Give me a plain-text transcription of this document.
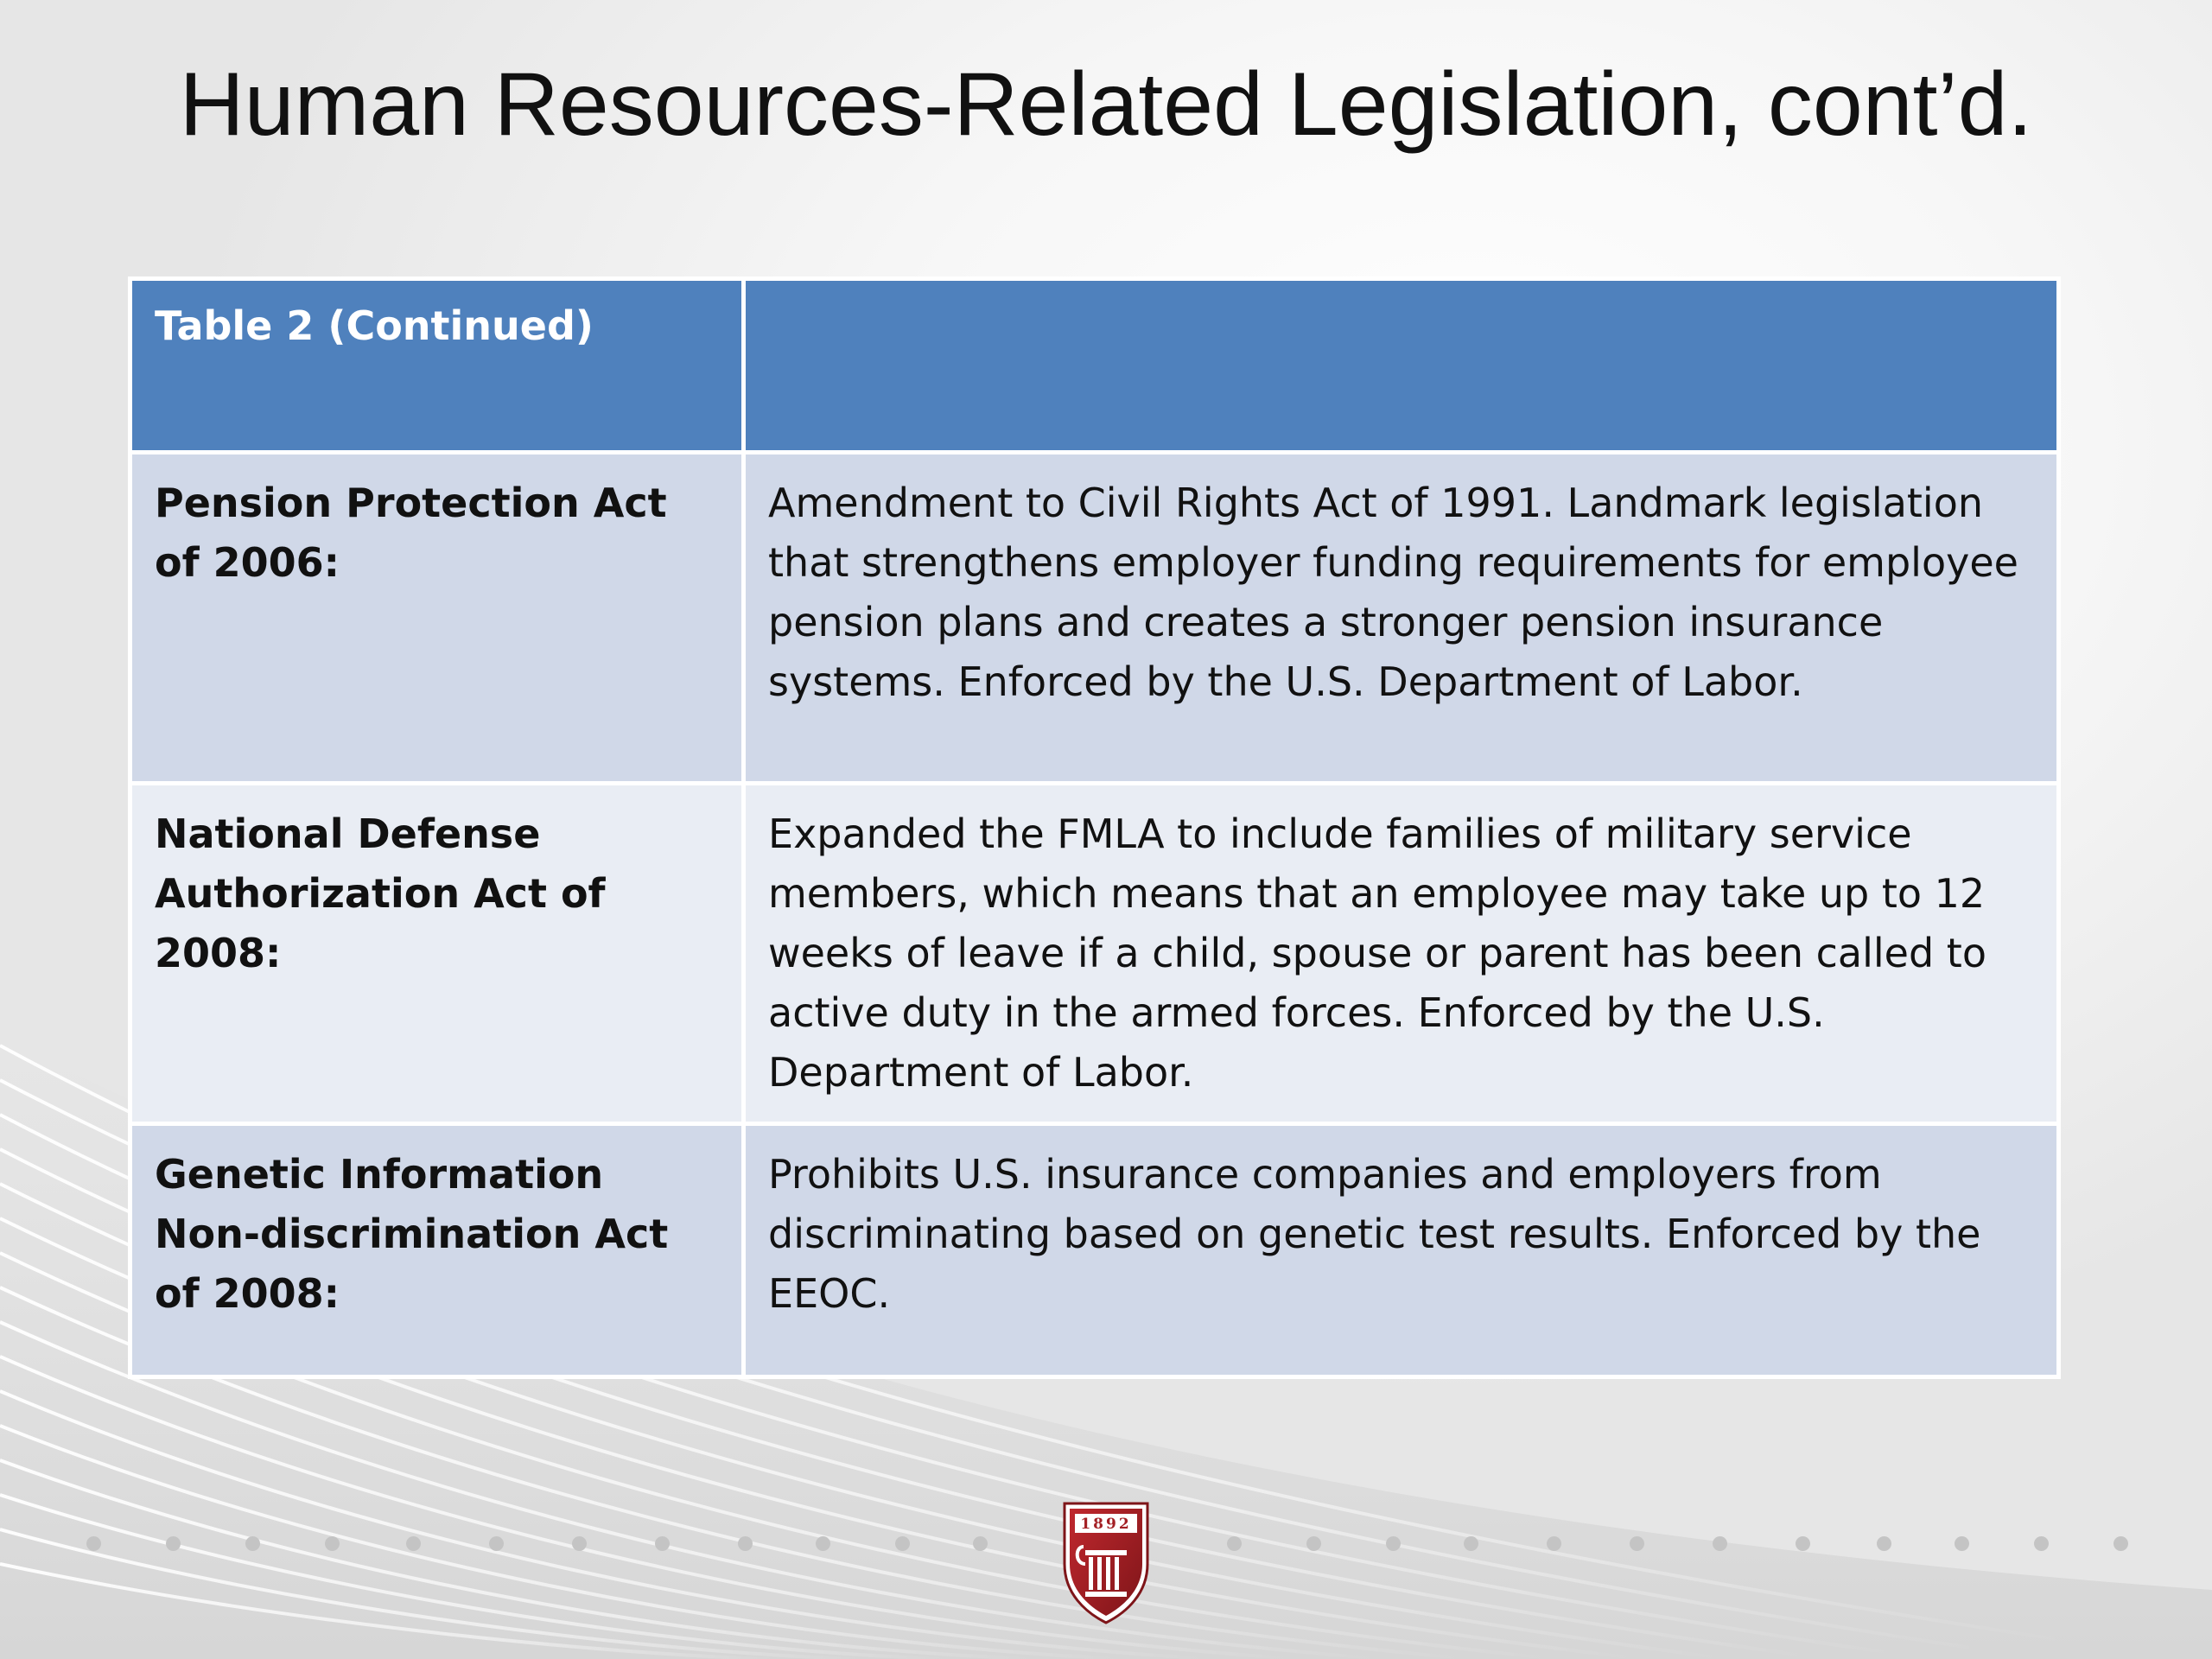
Human Resources-Related Legislation, cont’d.
Table 2 (Continued)	
Pension Protection Act of 2006:	Amendment to Civil Rights Act of 1991. Landmark legislation that strengthens employer funding requirements for employee pension plans and creates a stronger pension insurance systems. Enforced by the U.S. Department of Labor.
National Defense Authorization Act of 2008:	Expanded the FMLA to include families of military service members, which means that an employee may take up to 12 weeks of leave if a child, spouse or parent has been called to active duty in the armed forces. Enforced by the U.S. Department of Labor.
Genetic Information Non-discrimination Act of 2008:	Prohibits U.S. insurance companies and employers from discriminating based on genetic test results. Enforced by the EEOC.
1892
